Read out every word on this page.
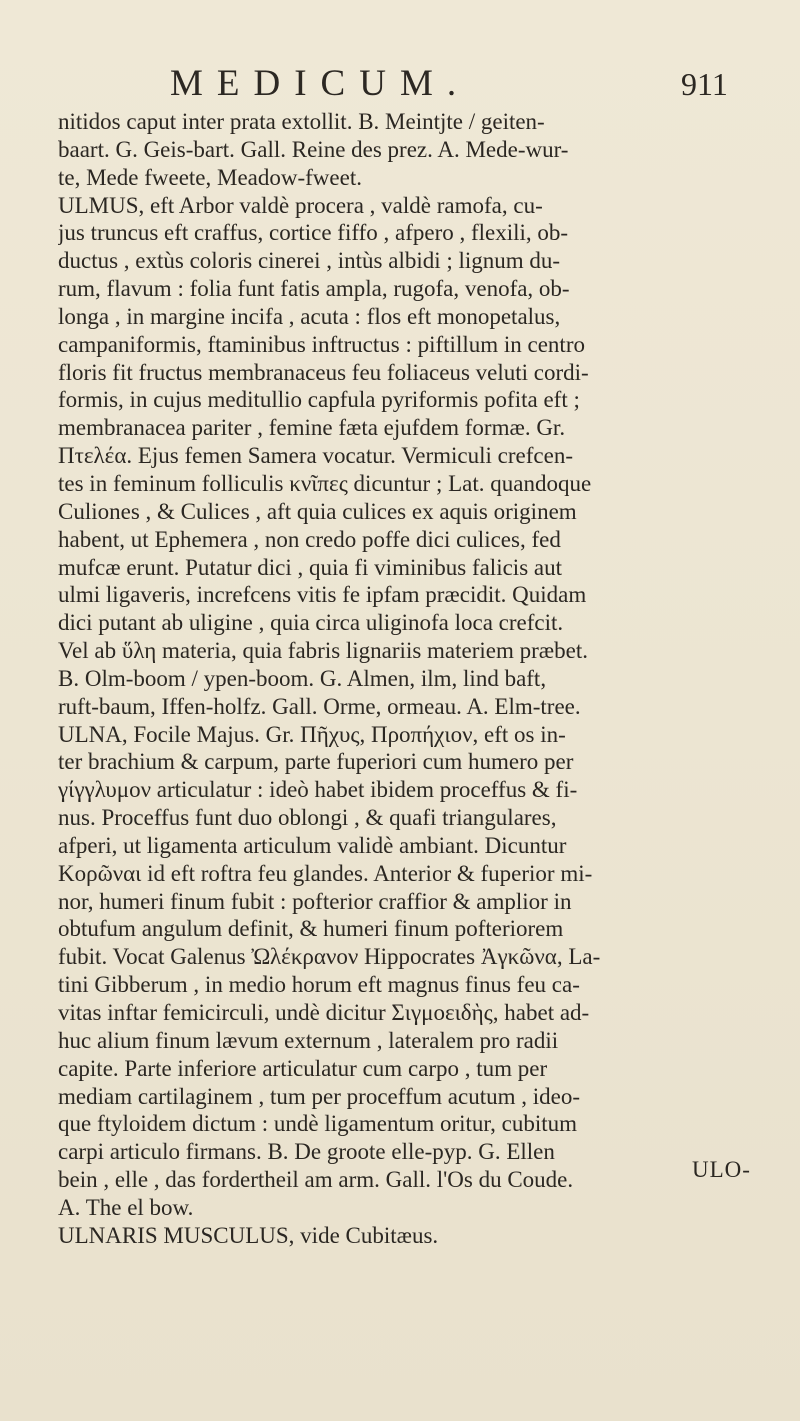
MEDICUM.	911
nitidos caput inter prata extollit. B. Meintjte / geiten-
baart. G. Geis-bart. Gall. Reine des prez. A. Mede-wur-
te, Mede fweete, Meadow-fweet.
ULMUS, eft Arbor valdè procera , valdè ramofa, cu-
jus truncus eft craffus, cortice fiffo , afpero , flexili, ob-
ductus , extùs coloris cinerei , intùs albidi ; lignum du-
rum, flavum : folia funt fatis ampla, rugofa, venofa, ob-
longa , in margine incifa , acuta : flos eft monopetalus,
campaniformis, ftaminibus inftructus : piftillum in centro
floris fit fructus membranaceus feu foliaceus veluti cordi-
formis, in cujus meditullio capfula pyriformis pofita eft ;
membranacea pariter , femine fæta ejufdem formæ. Gr.
Πτελέα. Ejus femen Samera vocatur. Vermiculi crefcen-
tes in feminum folliculis κνῖπες dicuntur ; Lat. quandoque
Culiones , & Culices , aft quia culices ex aquis originem
habent, ut Ephemera , non credo poffe dici culices, fed
mufcæ erunt. Putatur dici , quia fi viminibus falicis aut
ulmi ligaveris, increfcens vitis fe ipfam præcidit. Quidam
dici putant ab uligine , quia circa uliginofa loca crefcit.
Vel ab ὕλη materia, quia fabris lignariis materiem præbet.
B. Olm-boom / ypen-boom. G. Almen, ilm, lind baft,
ruft-baum, Iffen-holfz. Gall. Orme, ormeau. A. Elm-tree.
ULNA, Focile Majus. Gr. Πῆχυς, Προπήχιον, eft os in-
ter brachium & carpum, parte fuperiori cum humero per
γίγγλυμον articulatur : ideò habet ibidem proceffus & fi-
nus. Proceffus funt duo oblongi , & quafi triangulares,
afperi, ut ligamenta articulum validè ambiant. Dicuntur
Κορῶναι id eft roftra feu glandes. Anterior & fuperior mi-
nor, humeri finum fubit : pofterior craffior & amplior in
obtufum angulum definit, & humeri finum pofteriorem
fubit. Vocat Galenus Ὠλέκρανον Hippocrates Ἀγκῶνα, La-
tini Gibberum , in medio horum eft magnus finus feu ca-
vitas inftar femicirculi, undè dicitur Σιγμοειδὴς, habet ad-
huc alium finum lævum externum , lateralem pro radii
capite. Parte inferiore articulatur cum carpo , tum per
mediam cartilaginem , tum per proceffum acutum , ideo-
que ftyloidem dictum : undè ligamentum oritur, cubitum
carpi articulo firmans. B. De groote elle-pyp. G. Ellen
bein , elle , das fordertheil am arm. Gall. l'Os du Coude.
A. The el bow.
ULNARIS MUSCULUS, vide Cubitæus.
ULO-
